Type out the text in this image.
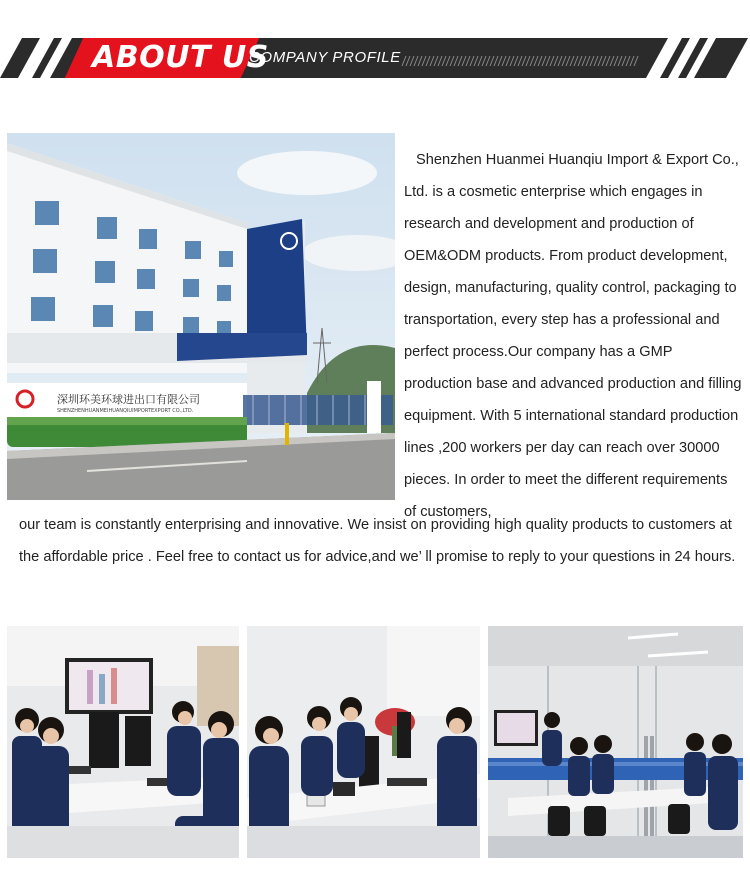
ABOUT US
COMPANY PROFILE
深圳环美环球进出口有限公司
SHENZHENHUANMEIHUANQIUIMPORTEXPORT CO.,LTD.

Shenzhen Huanmei Huanqiu Import & Export Co., Ltd. is a cosmetic enterprise which engages in research and development and production of OEM&ODM products. From product development, design, manufacturing, quality control, packaging to transportation, every step has a professional and perfect process.Our company has a GMP production base and advanced production and filling equipment. With 5 international standard production lines ,200 workers per day can reach over 30000 pieces. In order to meet the different requirements of customers,

our team is constantly enterprising and innovative. We insist on providing high quality products to customers at the affordable price . Feel free to contact us for advice,and we’ ll promise to reply to your questions in 24 hours.
